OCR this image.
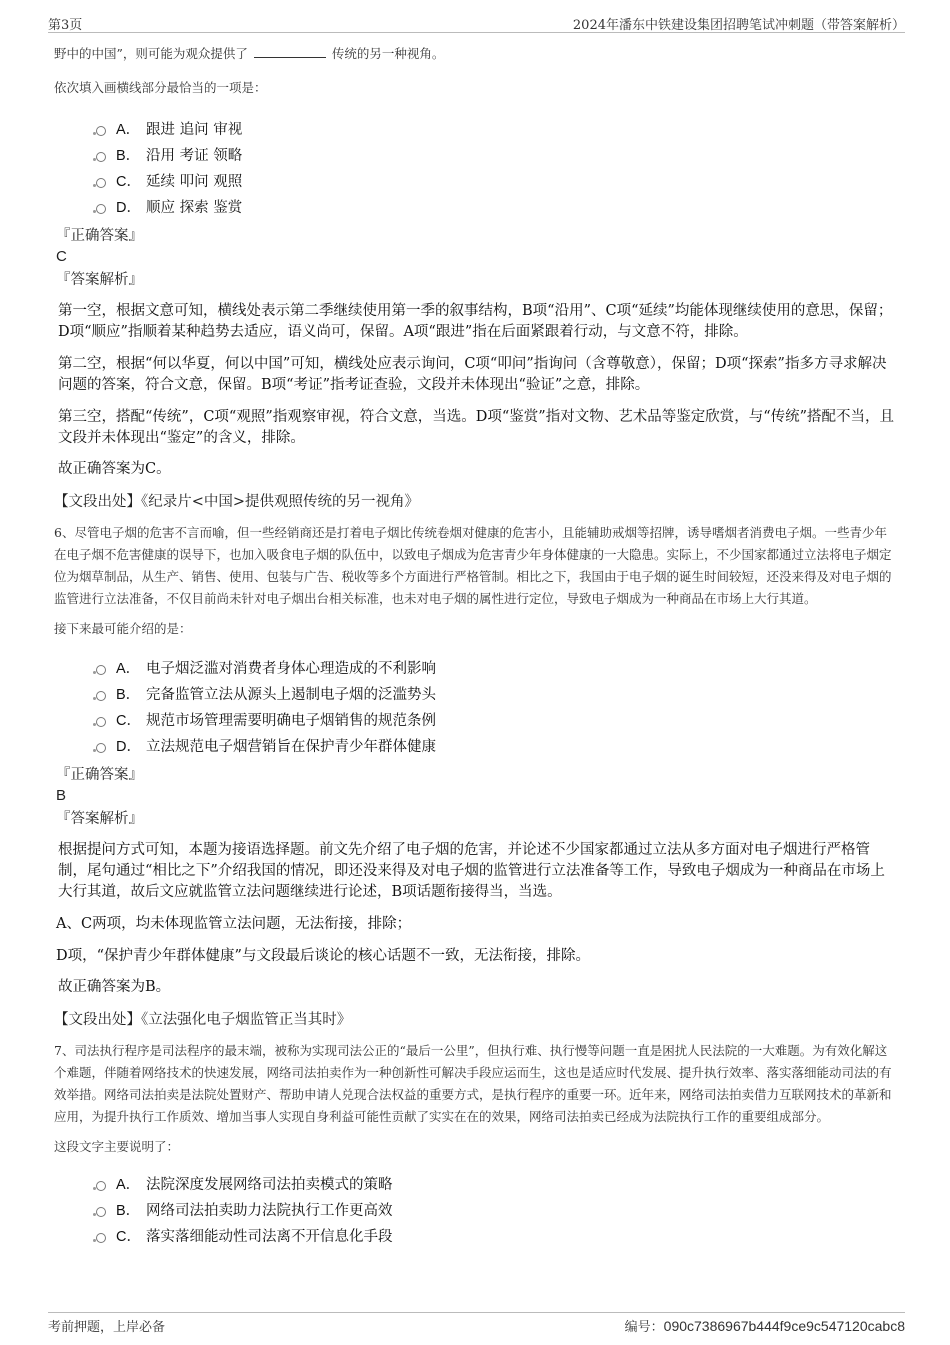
第3页	2024年潘东中铁建设集团招聘笔试冲刺题（带答案解析）

野中的中国”，则可能为观众提供了	传统的另一种视角。

依次填入画横线部分最恰当的一项是：

A． 跟进 追问 审视
B． 沿用 考证 领略
C． 延续 叩问 观照
D． 顺应 探索 鉴赏

『正确答案』

C

『答案解析』

第一空，根据文意可知，横线处表示第二季继续使用第一季的叙事结构，B项“沿用”、C项“延续”均能体现继续使用的意思，保留；D项“顺应”指顺着某种趋势去适应，语义尚可，保留。A项“跟进”指在后面紧跟着行动，与文意不符，排除。

第二空，根据“何以华夏，何以中国”可知，横线处应表示询问，C项“叩问”指询问（含尊敬意），保留；D项“探索”指多方寻求解决问题的答案，符合文意，保留。B项“考证”指考证查验，文段并未体现出“验证”之意，排除。

第三空，搭配“传统”，C项“观照”指观察审视，符合文意，当选。D项“鉴赏”指对文物、艺术品等鉴定欣赏，与“传统”搭配不当，且文段并未体现出“鉴定”的含义，排除。

故正确答案为C。

【文段出处】《纪录片<中国>提供观照传统的另一视角》

6、尽管电子烟的危害不言而喻，但一些经销商还是打着电子烟比传统卷烟对健康的危害小，且能辅助戒烟等招牌，诱导嗜烟者消费电子烟。一些青少年在电子烟不危害健康的误导下，也加入吸食电子烟的队伍中，以致电子烟成为危害青少年身体健康的一大隐患。实际上，不少国家都通过立法将电子烟定位为烟草制品，从生产、销售、使用、包装与广告、税收等多个方面进行严格管制。相比之下，我国由于电子烟的诞生时间较短，还没来得及对电子烟的监管进行立法准备，不仅目前尚未针对电子烟出台相关标准，也未对电子烟的属性进行定位，导致电子烟成为一种商品在市场上大行其道。

接下来最可能介绍的是：

A． 电子烟泛滥对消费者身体心理造成的不利影响
B． 完备监管立法从源头上遏制电子烟的泛滥势头
C． 规范市场管理需要明确电子烟销售的规范条例
D． 立法规范电子烟营销旨在保护青少年群体健康

『正确答案』

B

『答案解析』

根据提问方式可知，本题为接语选择题。前文先介绍了电子烟的危害，并论述不少国家都通过立法从多方面对电子烟进行严格管制，尾句通过“相比之下”介绍我国的情况，即还没来得及对电子烟的监管进行立法准备等工作，导致电子烟成为一种商品在市场上大行其道，故后文应就监管立法问题继续进行论述，B项话题衔接得当，当选。

A、C两项，均未体现监管立法问题，无法衔接，排除；

D项，“保护青少年群体健康”与文段最后谈论的核心话题不一致，无法衔接，排除。

故正确答案为B。

【文段出处】《立法强化电子烟监管正当其时》

7、司法执行程序是司法程序的最末端，被称为实现司法公正的“最后一公里”，但执行难、执行慢等问题一直是困扰人民法院的一大难题。为有效化解这个难题，伴随着网络技术的快速发展，网络司法拍卖作为一种创新性可解决手段应运而生，这也是适应时代发展、提升执行效率、落实落细能动司法的有效举措。网络司法拍卖是法院处置财产、帮助申请人兑现合法权益的重要方式，是执行程序的重要一环。近年来，网络司法拍卖借力互联网技术的革新和应用，为提升执行工作质效、增加当事人实现自身利益可能性贡献了实实在在的效果，网络司法拍卖已经成为法院执行工作的重要组成部分。

这段文字主要说明了：

A． 法院深度发展网络司法拍卖模式的策略
B． 网络司法拍卖助力法院执行工作更高效
C． 落实落细能动性司法离不开信息化手段
考前押题，上岸必备	编号：090c7386967b444f9ce9c547120cabc8
